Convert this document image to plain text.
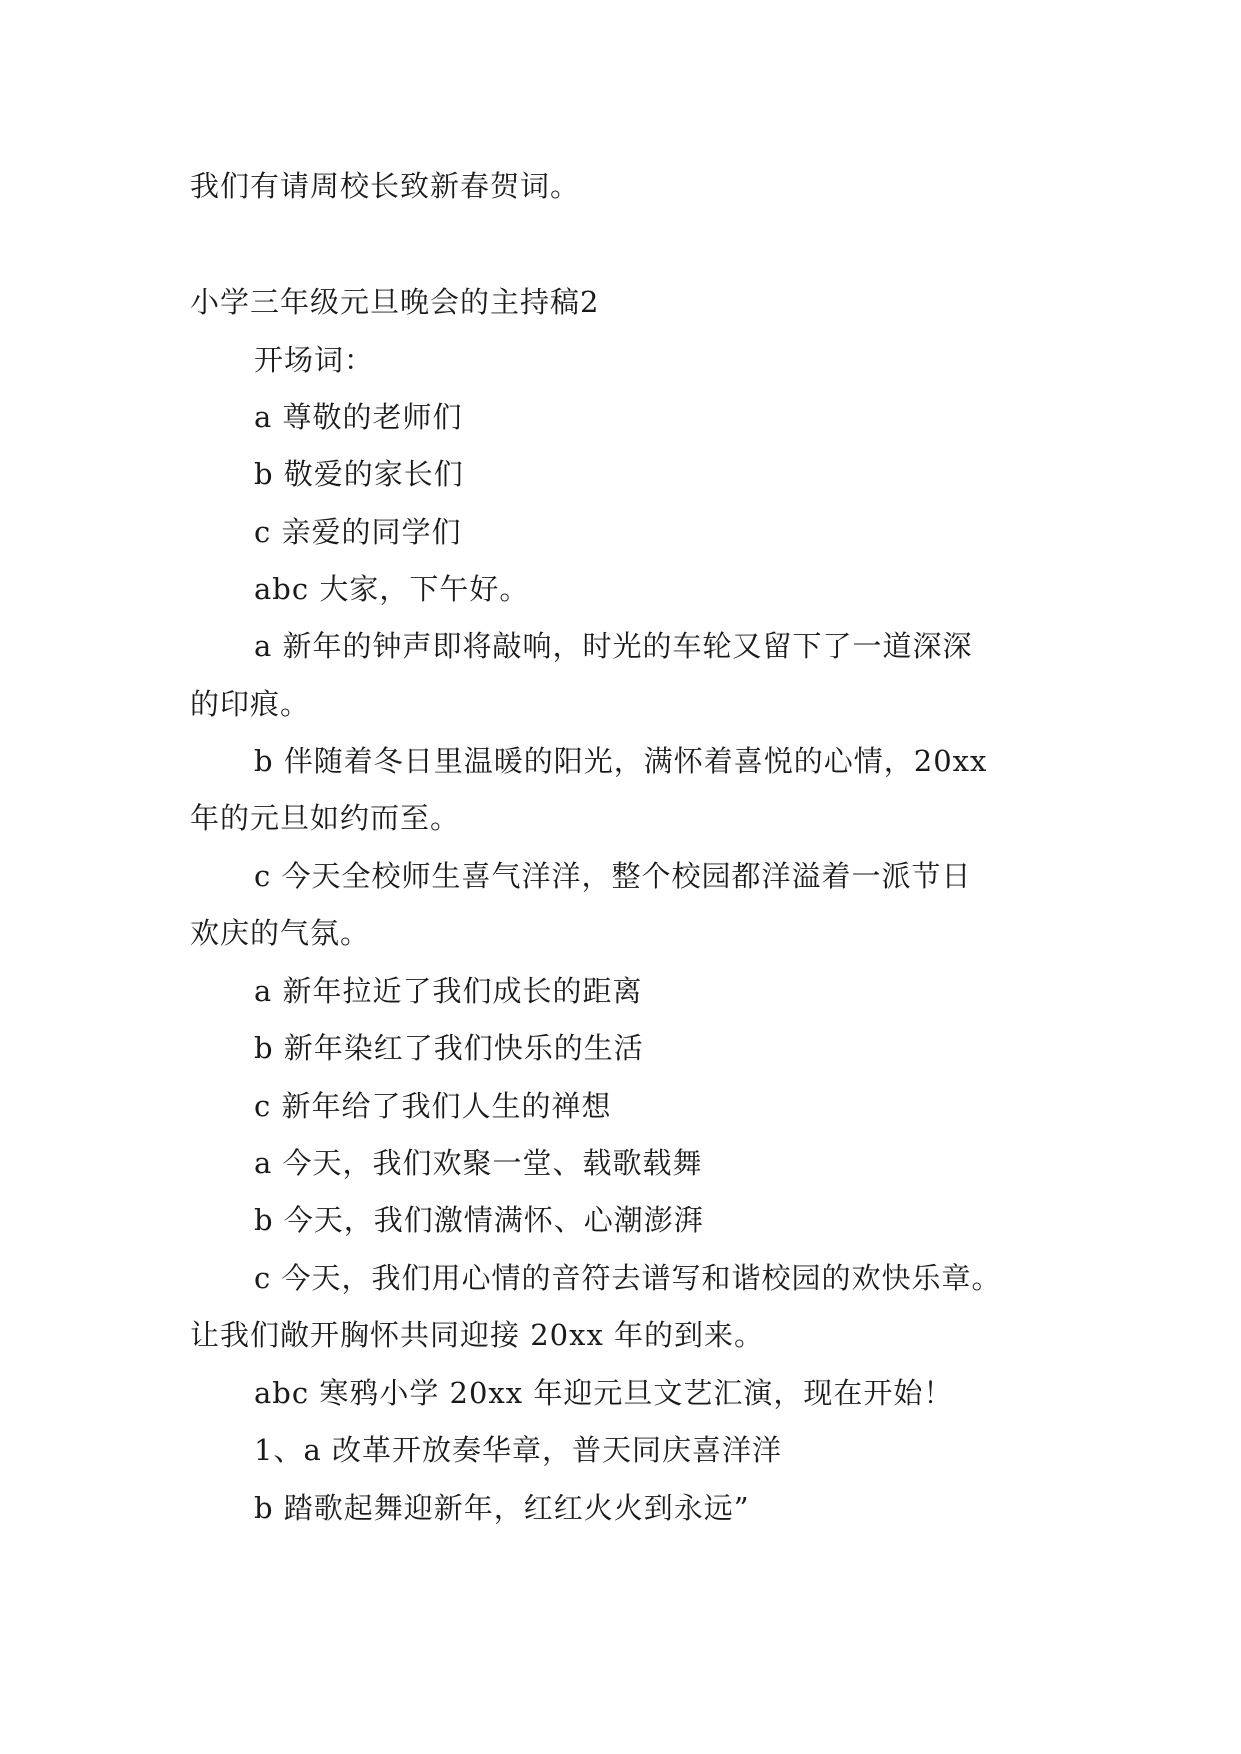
我们有请周校长致新春贺词。
小学三年级元旦晚会的主持稿2
开场词：
a 尊敬的老师们
b 敬爱的家长们
c 亲爱的同学们
abc 大家，下午好。
a 新年的钟声即将敲响，时光的车轮又留下了一道深深
的印痕。
b 伴随着冬日里温暖的阳光，满怀着喜悦的心情，20xx
年的元旦如约而至。
c 今天全校师生喜气洋洋，整个校园都洋溢着一派节日
欢庆的气氛。
a 新年拉近了我们成长的距离
b 新年染红了我们快乐的生活
c 新年给了我们人生的禅想
a 今天，我们欢聚一堂、载歌载舞
b 今天，我们激情满怀、心潮澎湃
c 今天，我们用心情的音符去谱写和谐校园的欢快乐章。
让我们敞开胸怀共同迎接 20xx 年的到来。
abc 寒鸦小学 20xx 年迎元旦文艺汇演，现在开始！
1、a 改革开放奏华章，普天同庆喜洋洋
b 踏歌起舞迎新年，红红火火到永远”
